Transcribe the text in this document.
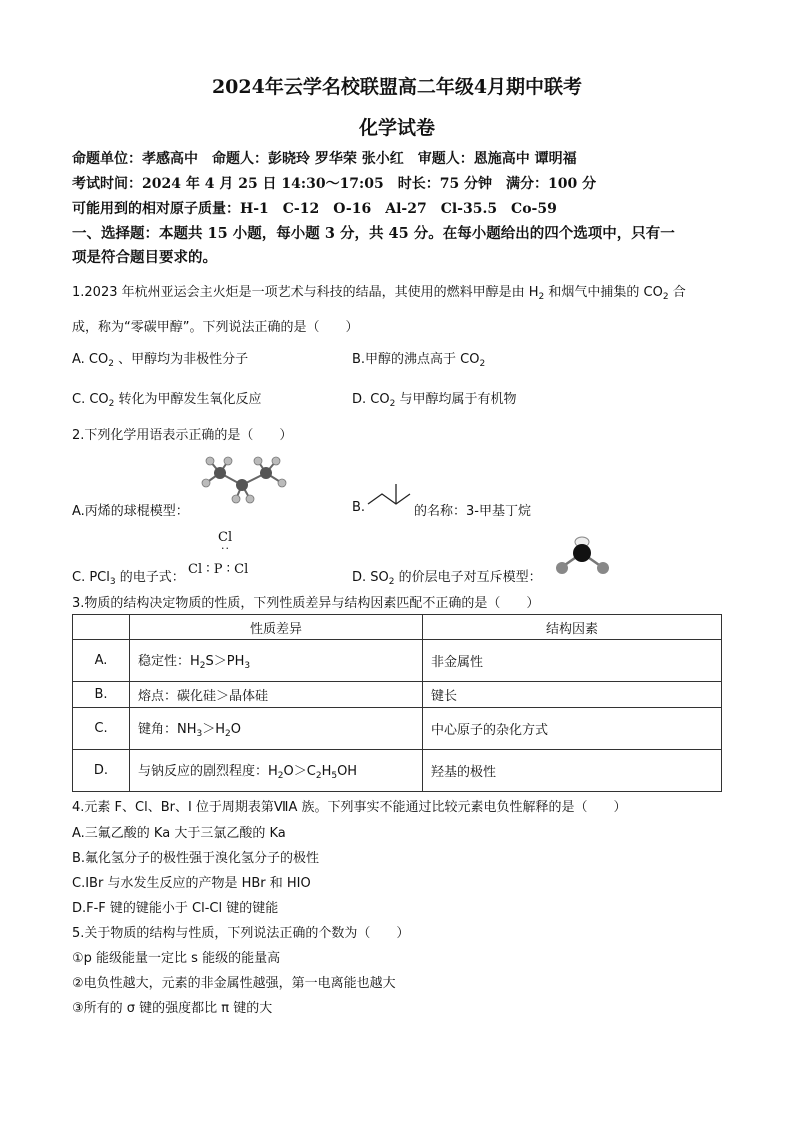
2024年云学名校联盟高二年级4月期中联考
化学试卷
命题单位：孝感高中　命题人：彭晓玲 罗华荣 张小红　审题人：恩施高中 谭明福
考试时间：2024 年 4 月 25 日 14:30～17:05　时长：75 分钟　满分：100 分
可能用到的相对原子质量：H-1　C-12　O-16　Al-27　Cl-35.5　Co-59
一、选择题：本题共 15 小题，每小题 3 分，共 45 分。在每小题给出的四个选项中，只有一
项是符合题目要求的。
1.2023 年杭州亚运会主火炬是一项艺术与科技的结晶，其使用的燃料甲醇是由 $H_2$ 和烟气中捕集的 $CO_2$ 合
成，称为“零碳甲醇”。下列说法正确的是（　　）
A. $CO_2$ 、甲醇均为非极性分子	B.甲醇的沸点高于 $CO_2$
C. $CO_2$ 转化为甲醇发生氧化反应	D. $CO_2$ 与甲醇均属于有机物
2.下列化学用语表示正确的是（　　）
A.丙烯的球棍模型：	B.	的名称：3-甲基丁烷
C. PCl$_3$ 的电子式：
Cl
··
Cl ∶ P ∶ Cl
D. $SO_2$ 的价层电子对互斥模型：
3.物质的结构决定物质的性质，下列性质差异与结构因素匹配不正确的是（　　）
	性质差异	结构因素
A.	稳定性：$H_2S>PH_3$	非金属性
B.	熔点：碳化硅＞晶体硅	键长
C.	键角：$NH_3>H_2O$	中心原子的杂化方式
D.	与钠反应的剧烈程度：$H_2O>C_2H_5OH$	羟基的极性
4.元素 F、Cl、Br、I 位于周期表第ⅦA 族。下列事实不能通过比较元素电负性解释的是（　　）
A.三氟乙酸的 Ka 大于三氯乙酸的 Ka
B.氟化氢分子的极性强于溴化氢分子的极性
C.IBr 与水发生反应的产物是 HBr 和 HIO
D.F-F 键的键能小于 Cl-Cl 键的键能
5.关于物质的结构与性质，下列说法正确的个数为（　　）
①p 能级能量一定比 s 能级的能量高
②电负性越大，元素的非金属性越强，第一电离能也越大
③所有的 σ 键的强度都比 π 键的大
